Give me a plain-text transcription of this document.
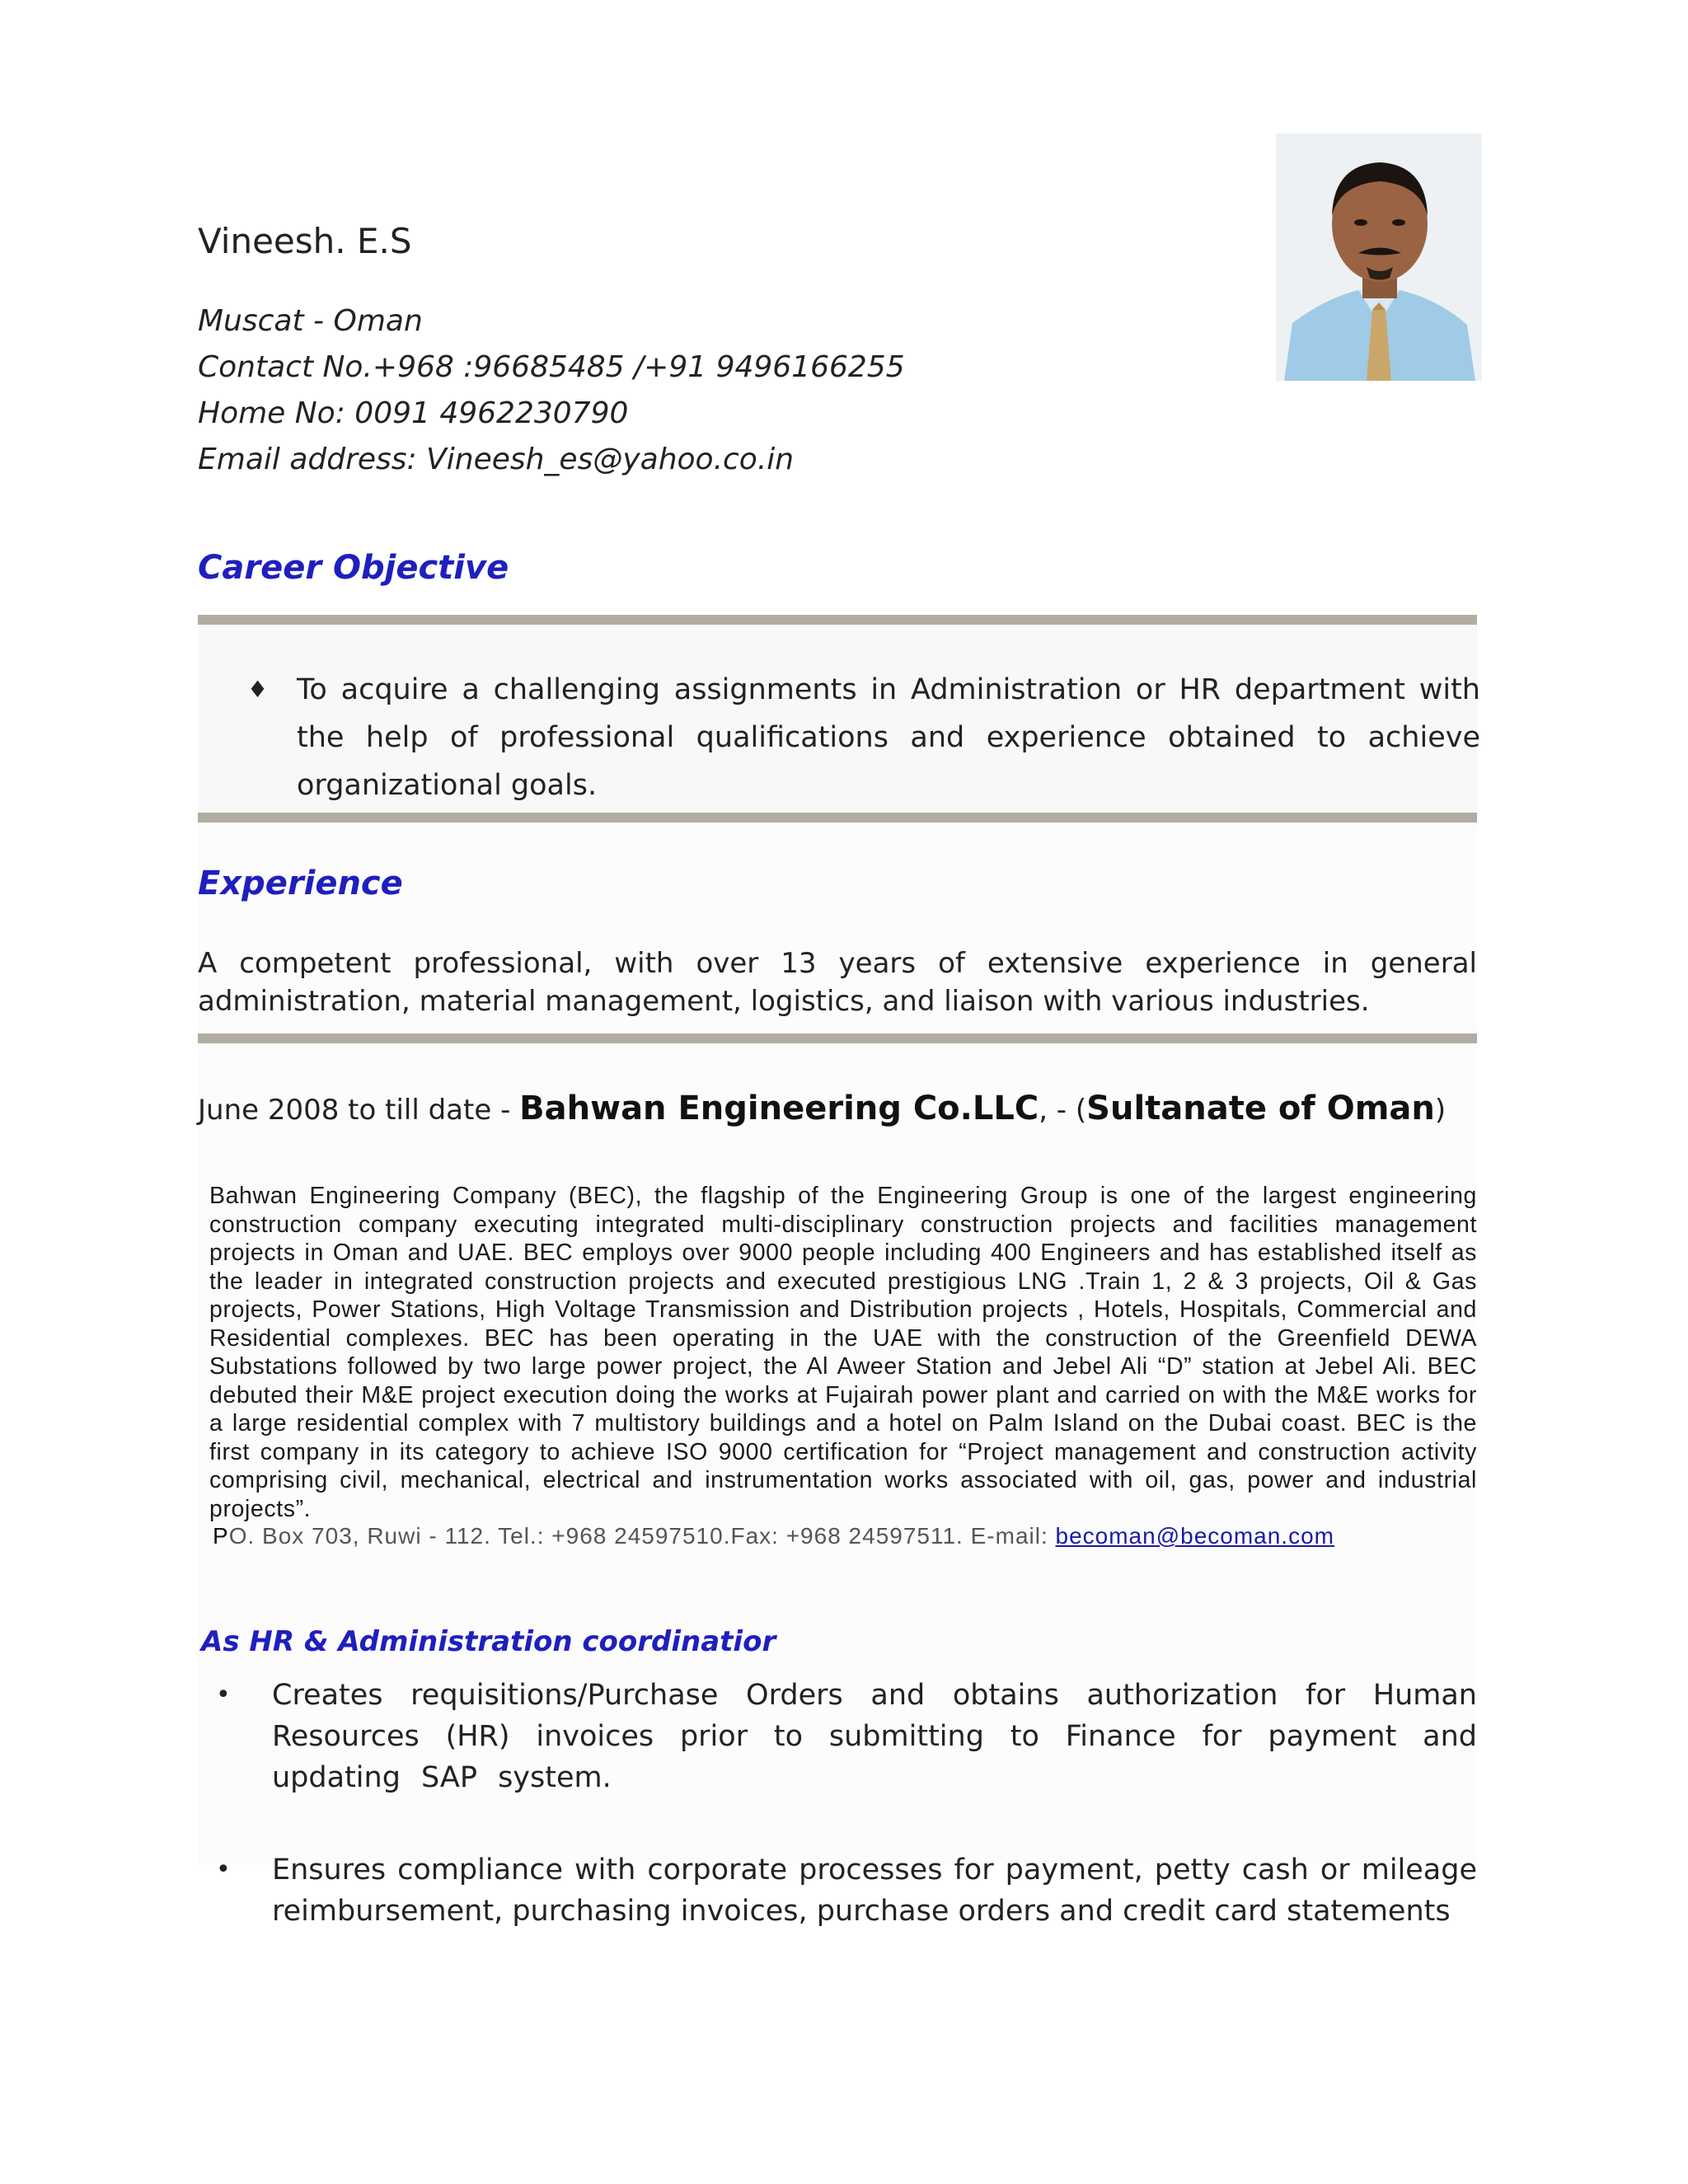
Vineesh. E.S
Muscat - Oman
Contact No.+968 :96685485 /+91 9496166255
Home No: 0091 4962230790
Email address: Vineesh_es@yahoo.co.in
Career Objective
♦ To acquire a challenging assignments in Administration or HR department with the help of professional qualifications and experience obtained to achieve organizational goals.
Experience
A competent professional, with over 13 years of extensive experience in general administration, material management, logistics, and liaison with various industries.
June 2008 to till date - Bahwan Engineering Co.LLC, - (Sultanate of Oman)
Bahwan Engineering Company (BEC), the flagship of the Engineering Group is one of the largest engineering construction company executing integrated multi-disciplinary construction projects and facilities management projects in Oman and UAE. BEC employs over 9000 people including 400 Engineers and has established itself as the leader in integrated construction projects and executed prestigious LNG .Train 1, 2 & 3 projects, Oil & Gas projects, Power Stations, High Voltage Transmission and Distribution projects , Hotels, Hospitals, Commercial and Residential complexes. BEC has been operating in the UAE with the construction of the Greenfield DEWA Substations followed by two large power project, the Al Aweer Station and Jebel Ali “D” station at Jebel Ali. BEC debuted their M&E project execution doing the works at Fujairah power plant and carried on with the M&E works for a large residential complex with 7 multistory buildings and a hotel on Palm Island on the Dubai coast. BEC is the first company in its category to achieve ISO 9000 certification for “Project management and construction activity comprising civil, mechanical, electrical and instrumentation works associated with oil, gas, power and industrial projects”.
PO. Box 703, Ruwi - 112. Tel.: +968 24597510.Fax: +968 24597511. E-mail: becoman@becoman.com
As HR & Administration coordinatior
• Creates requisitions/Purchase Orders and obtains authorization for Human Resources (HR) invoices prior to submitting to Finance for payment and updating SAP system.
• Ensures compliance with corporate processes for payment, petty cash or mileage reimbursement, purchasing invoices, purchase orders and credit card statements
